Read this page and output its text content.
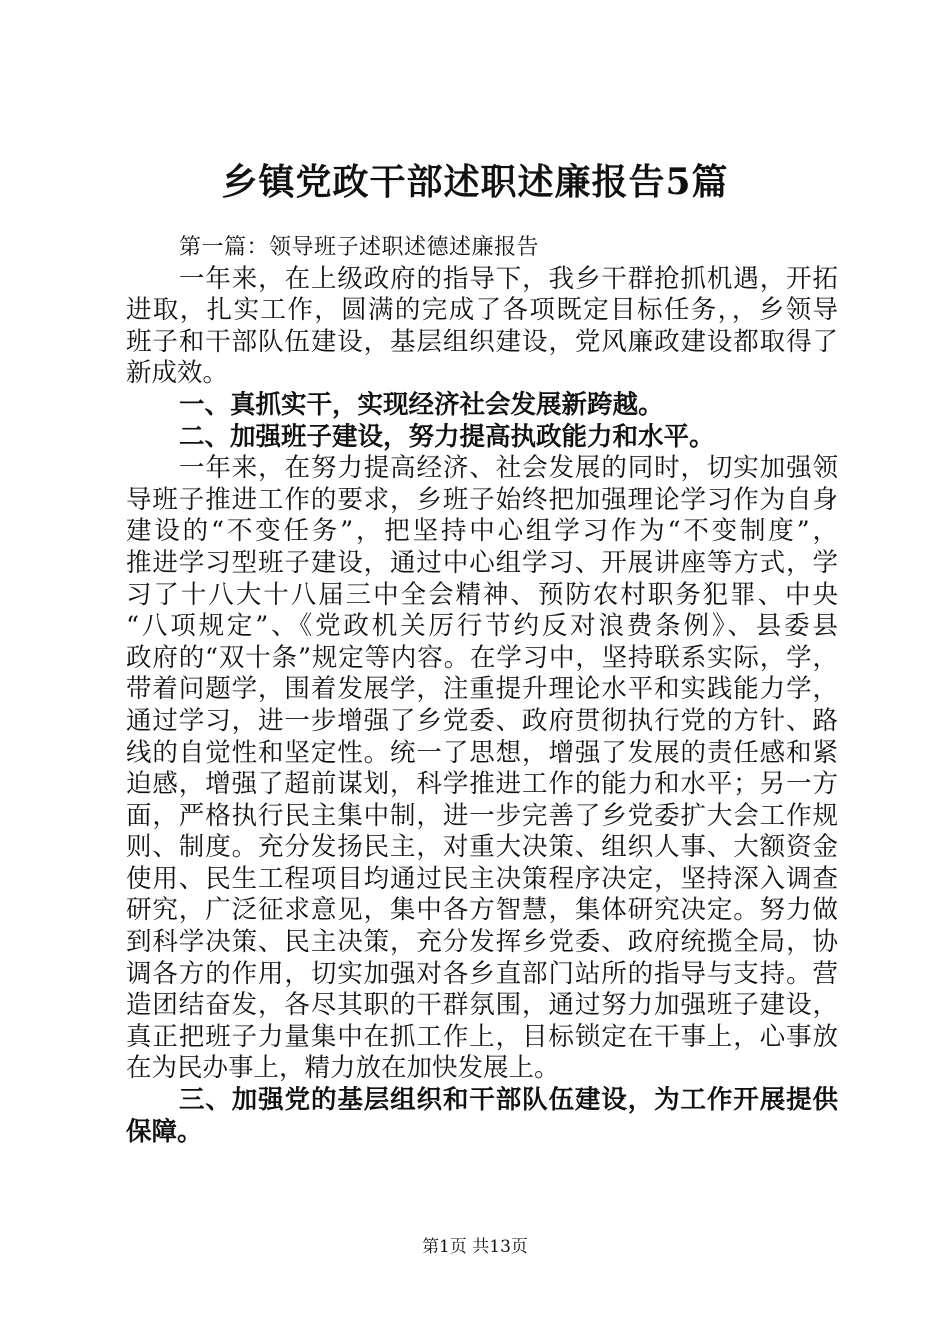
乡镇党政干部述职述廉报告5篇
第一篇：领导班子述职述德述廉报告
一年来，在上级政府的指导下，我乡干群抢抓机遇，开拓
进取，扎实工作，圆满的完成了各项既定目标任务，，乡领导
班子和干部队伍建设，基层组织建设，党风廉政建设都取得了
新成效。
一、真抓实干，实现经济社会发展新跨越。
二、加强班子建设，努力提高执政能力和水平。
一年来，在努力提高经济、社会发展的同时，切实加强领
导班子推进工作的要求，乡班子始终把加强理论学习作为自身
建设的“不变任务”，把坚持中心组学习作为“不变制度”，
推进学习型班子建设，通过中心组学习、开展讲座等方式，学
习了十八大十八届三中全会精神、预防农村职务犯罪、中央
“八项规定”、《党政机关厉行节约反对浪费条例》、县委县
政府的“双十条”规定等内容。在学习中，坚持联系实际，学，
带着问题学，围着发展学，注重提升理论水平和实践能力学，
通过学习，进一步增强了乡党委、政府贯彻执行党的方针、路
线的自觉性和坚定性。统一了思想，增强了发展的责任感和紧
迫感，增强了超前谋划，科学推进工作的能力和水平；另一方
面，严格执行民主集中制，进一步完善了乡党委扩大会工作规
则、制度。充分发扬民主，对重大决策、组织人事、大额资金
使用、民生工程项目均通过民主决策程序决定，坚持深入调查
研究，广泛征求意见，集中各方智慧，集体研究决定。努力做
到科学决策、民主决策，充分发挥乡党委、政府统揽全局，协
调各方的作用，切实加强对各乡直部门站所的指导与支持。营
造团结奋发，各尽其职的干群氛围，通过努力加强班子建设，
真正把班子力量集中在抓工作上，目标锁定在干事上，心事放
在为民办事上，精力放在加快发展上。
三、加强党的基层组织和干部队伍建设，为工作开展提供
保障。
第1页 共13页
